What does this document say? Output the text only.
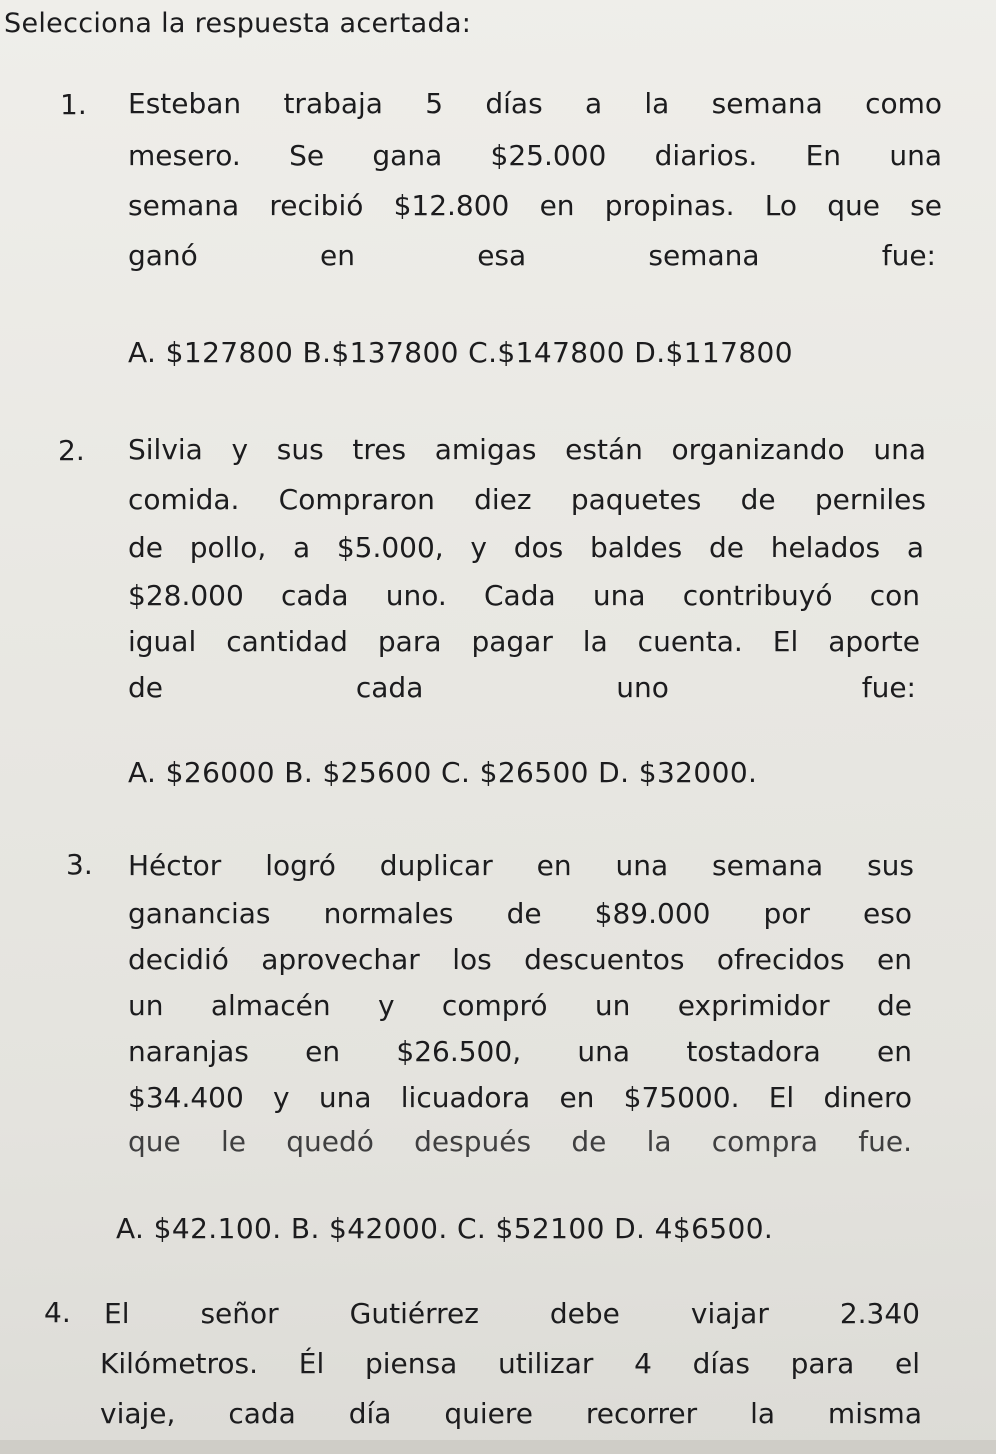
Selecciona la respuesta acertada:
1. Esteban trabaja 5 días a la semana como
mesero. Se gana $25.000 diarios. En una
semana recibió $12.800 en propinas. Lo que se
ganó en esa semana fue:
A. $127800 B.$137800 C.$147800 D.$117800
2. Silvia y sus tres amigas están organizando una
comida. Compraron diez paquetes de perniles
de pollo, a $5.000, y dos baldes de helados a
$28.000 cada uno. Cada una contribuyó con
igual cantidad para pagar la cuenta. El aporte
de cada uno fue:
A. $26000 B. $25600 C. $26500 D. $32000.
3. Héctor logró duplicar en una semana sus
ganancias normales de $89.000 por eso
decidió aprovechar los descuentos ofrecidos en
un almacén y compró un exprimidor de
naranjas en $26.500, una tostadora en
$34.400 y una licuadora en $75000. El dinero
que le quedó después de la compra fue.
A. $42.100. B. $42000. C. $52100 D. 4$6500.
4. El señor Gutiérrez debe viajar 2.340
Kilómetros. Él piensa utilizar 4 días para el
viaje, cada día quiere recorrer la misma
